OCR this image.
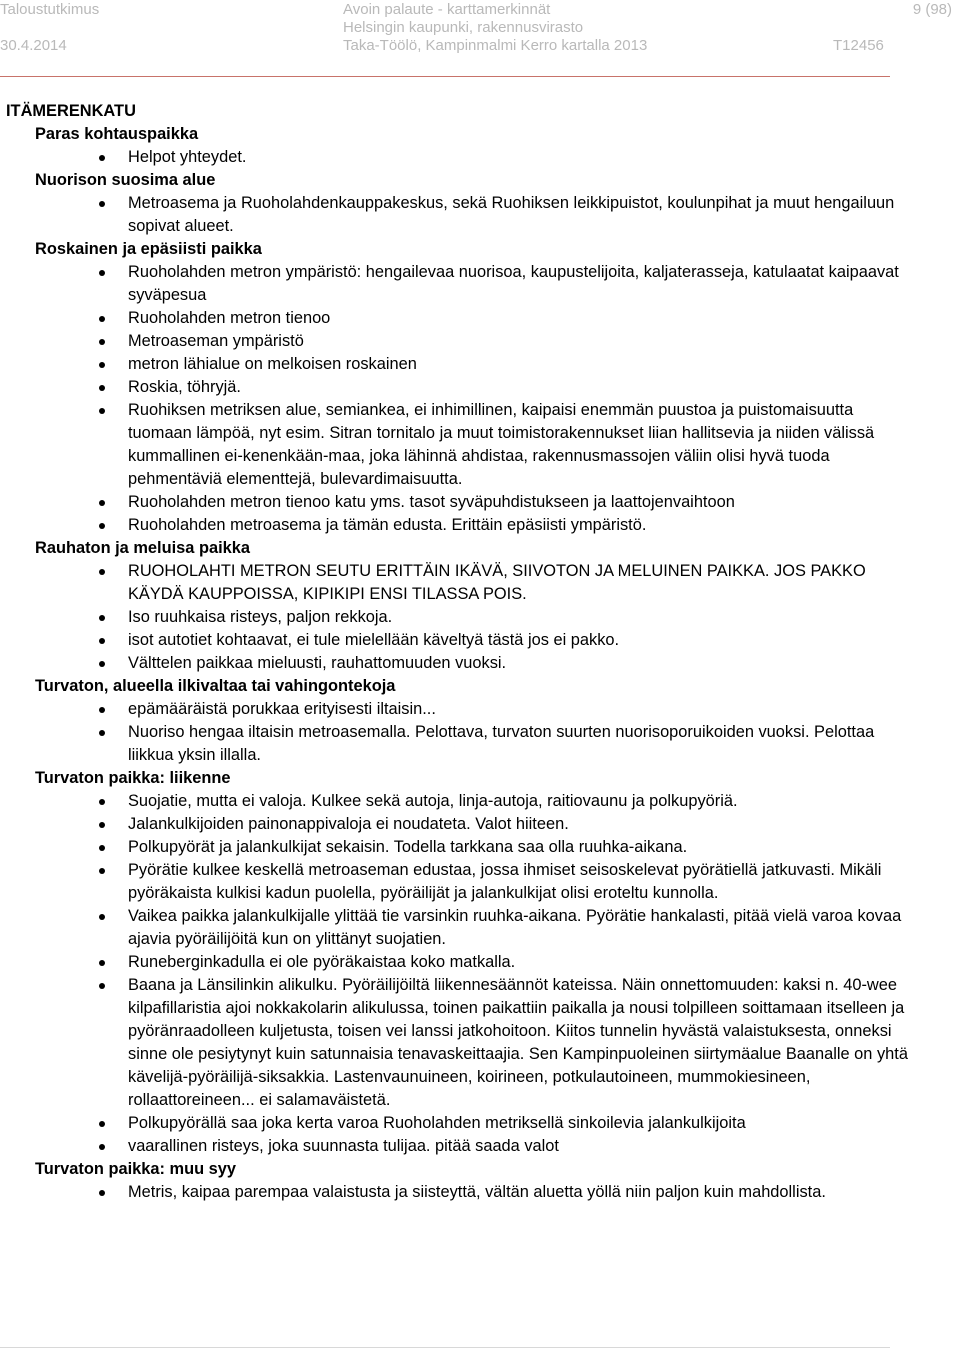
Taloustutkimus
30.4.2014
Avoin palaute - karttamerkinnät
Helsingin kaupunki, rakennusvirasto
Taka-Töölö, Kampinmalmi Kerro kartalla 2013
9 (98)
T12456
ITÄMERENKATU
Paras kohtauspaikka
Helpot yhteydet.
Nuorison suosima alue
Metroasema ja Ruoholahdenkauppakeskus, sekä Ruohiksen leikkipuistot, koulunpihat ja muut hengailuun sopivat alueet.
Roskainen ja epäsiisti paikka
Ruoholahden metron ympäristö: hengailevaa nuorisoa, kaupustelijoita, kaljaterasseja, katulaatat kaipaavat syväpesua
Ruoholahden metron tienoo
Metroaseman ympäristö
metron lähialue on melkoisen roskainen
Roskia, töhryjä.
Ruohiksen metriksen alue, semiankea, ei inhimillinen, kaipaisi enemmän puustoa ja puistomaisuutta tuomaan lämpöä, nyt esim. Sitran tornitalo ja muut toimistorakennukset liian hallitsevia ja niiden välissä kummallinen ei-kenenkään-maa, joka lähinnä ahdistaa, rakennusmassojen väliin olisi hyvä tuoda pehmentäviä elementtejä, bulevardimaisuutta.
Ruoholahden metron tienoo katu yms. tasot syväpuhdistukseen ja laattojenvaihtoon
Ruoholahden metroasema ja tämän edusta. Erittäin epäsiisti ympäristö.
Rauhaton ja meluisa paikka
RUOHOLAHTI METRON SEUTU ERITTÄIN IKÄVÄ, SIIVOTON JA MELUINEN PAIKKA. JOS PAKKO KÄYDÄ KAUPPOISSA, KIPIKIPI ENSI TILASSA POIS.
Iso ruuhkaisa risteys, paljon rekkoja.
isot autotiet kohtaavat, ei tule mielellään käveltyä tästä jos ei pakko.
Välttelen paikkaa mieluusti, rauhattomuuden vuoksi.
Turvaton, alueella ilkivaltaa tai vahingontekoja
epämääräistä porukkaa erityisesti iltaisin...
Nuoriso hengaa iltaisin metroasemalla. Pelottava, turvaton suurten nuorisoporuikoiden vuoksi. Pelottaa liikkua yksin illalla.
Turvaton paikka: liikenne
Suojatie, mutta ei valoja. Kulkee sekä autoja, linja-autoja, raitiovaunu ja polkupyöriä.
Jalankulkijoiden painonappivaloja ei noudateta. Valot hiiteen.
Polkupyörät ja jalankulkijat sekaisin. Todella tarkkana saa olla ruuhka-aikana.
Pyörätie kulkee keskellä metroaseman edustaa, jossa ihmiset seisoskelevat pyörätiellä jatkuvasti. Mikäli pyöräkaista kulkisi kadun puolella, pyöräilijät ja jalankulkijat olisi eroteltu kunnolla.
Vaikea paikka jalankulkijalle ylittää tie varsinkin ruuhka-aikana. Pyörätie hankalasti, pitää vielä varoa kovaa ajavia pyöräilijöitä kun on ylittänyt suojatien.
Runeberginkadulla ei ole pyöräkaistaa koko matkalla.
Baana ja Länsilinkin alikulku. Pyöräilijöiltä liikennesäännöt kateissa. Näin onnettomuuden: kaksi n. 40-wee kilpafillaristia ajoi nokkakolarin alikulussa, toinen paikattiin paikalla ja nousi tolpilleen soittamaan itselleen ja pyöränraadolleen kuljetusta, toisen vei lanssi jatkohoitoon. Kiitos tunnelin hyvästä valaistuksesta, onneksi sinne ole pesiytynyt kuin satunnaisia tenavaskeittaajia. Sen Kampinpuoleinen siirtymäalue Baanalle on yhtä kävelijä-pyöräilijä-siksakkia. Lastenvaunuineen, koirineen, potkulautoineen, mummokiesineen, rollaattoreineen... ei salamaväistetä.
Polkupyörällä saa joka kerta varoa Ruoholahden metriksellä sinkoilevia jalankulkijoita
vaarallinen risteys, joka suunnasta tulijaa. pitää saada valot
Turvaton paikka: muu syy
Metris, kaipaa parempaa valaistusta ja siisteyttä, vältän aluetta yöllä niin paljon kuin mahdollista.
